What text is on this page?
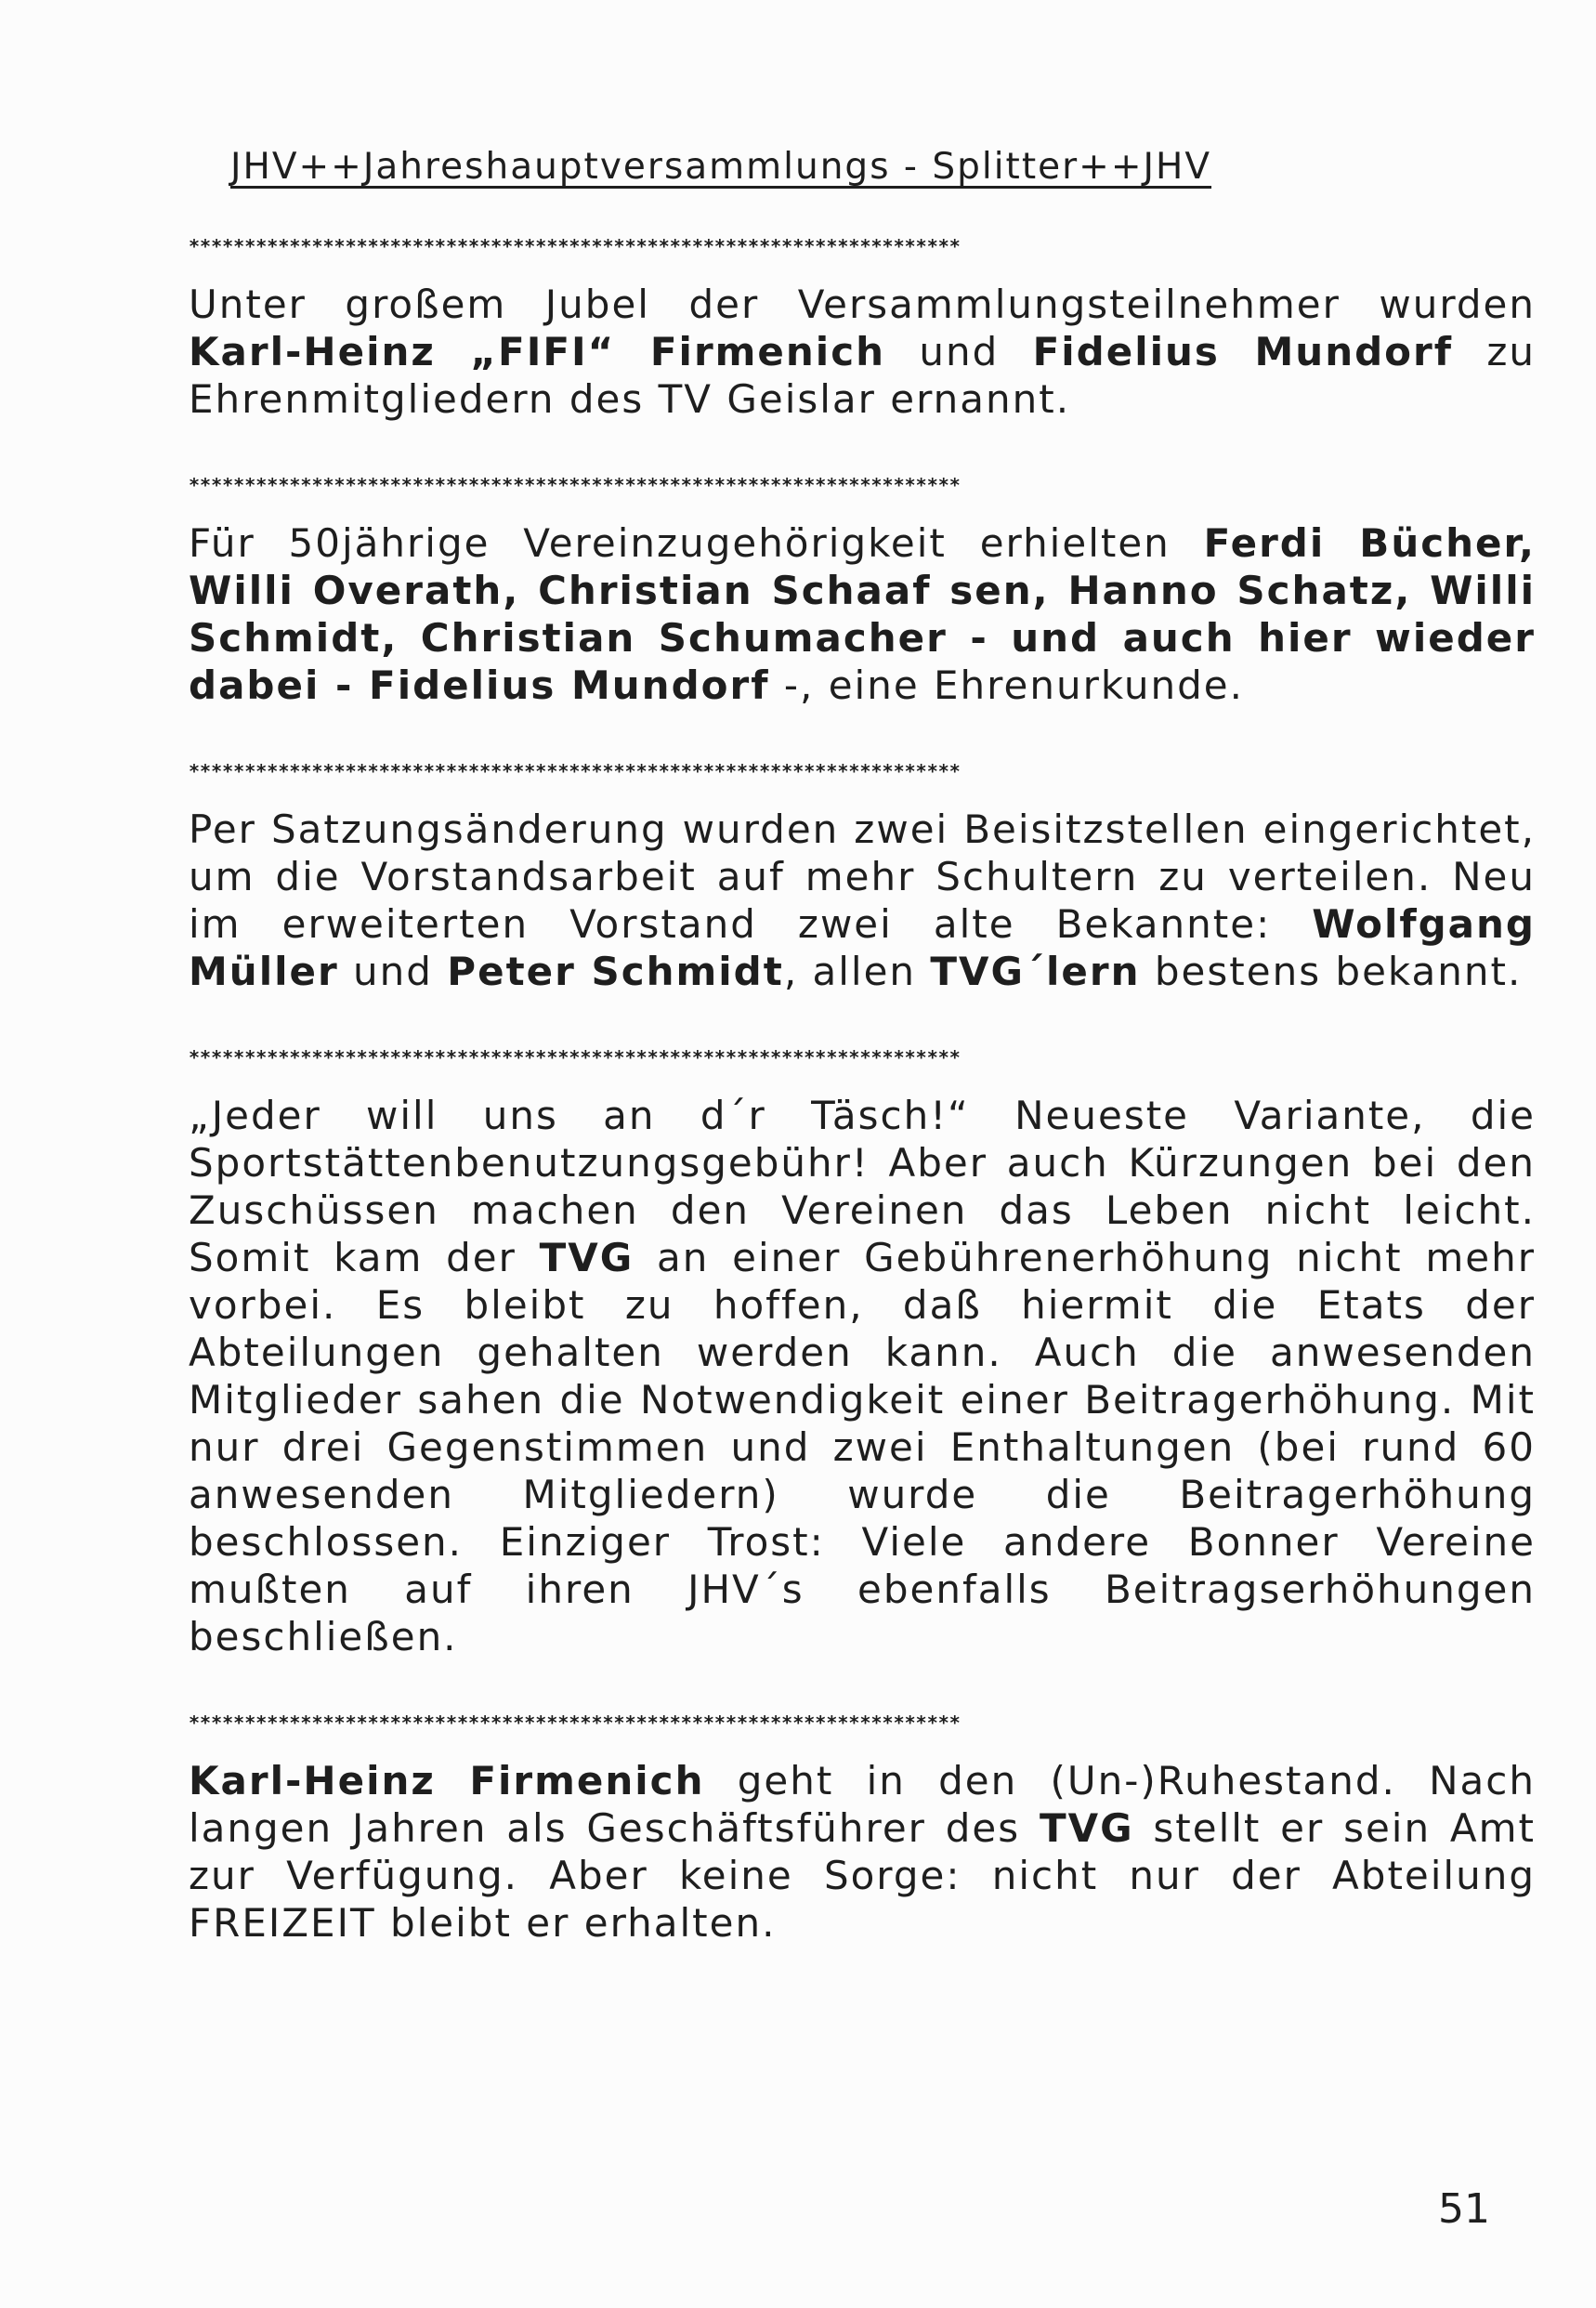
JHV++Jahreshauptversammlungs - Splitter++JHV

*********************************************************************

Unter großem Jubel der Versammlungsteilnehmer wurden Karl-Heinz „FIFI“ Firmenich und Fidelius Mundorf zu Ehrenmitgliedern des TV Geislar ernannt.

*********************************************************************

Für 50jährige Vereinzugehörigkeit erhielten Ferdi Bücher, Willi Overath, Christian Schaaf sen, Hanno Schatz, Willi Schmidt, Christian Schumacher - und auch hier wieder dabei - Fidelius Mundorf -, eine Ehrenurkunde.

*********************************************************************

Per Satzungsänderung wurden zwei Beisitzstellen eingerichtet, um die Vorstandsarbeit auf mehr Schultern zu verteilen. Neu im erweiterten Vorstand zwei alte Bekannte: Wolfgang Müller und Peter Schmidt, allen TVG´lern bestens bekannt.

*********************************************************************

„Jeder will uns an d´r Täsch!“ Neueste Variante, die Sportstättenbenutzungsgebühr! Aber auch Kürzungen bei den Zuschüssen machen den Vereinen das Leben nicht leicht. Somit kam der TVG an einer Gebührenerhöhung nicht mehr vorbei. Es bleibt zu hoffen, daß hiermit die Etats der Abteilungen gehalten werden kann. Auch die anwesenden Mitglieder sahen die Notwendigkeit einer Beitragerhöhung. Mit nur drei Gegenstimmen und zwei Enthaltungen (bei rund 60 anwesenden Mitgliedern) wurde die Beitragerhöhung beschlossen. Einziger Trost: Viele andere Bonner Vereine mußten auf ihren JHV´s ebenfalls Beitragserhöhungen beschließen.

*********************************************************************

Karl-Heinz Firmenich geht in den (Un-)Ruhestand. Nach langen Jahren als Geschäftsführer des TVG stellt er sein Amt zur Verfügung. Aber keine Sorge: nicht nur der Abteilung FREIZEIT bleibt er erhalten.

51
